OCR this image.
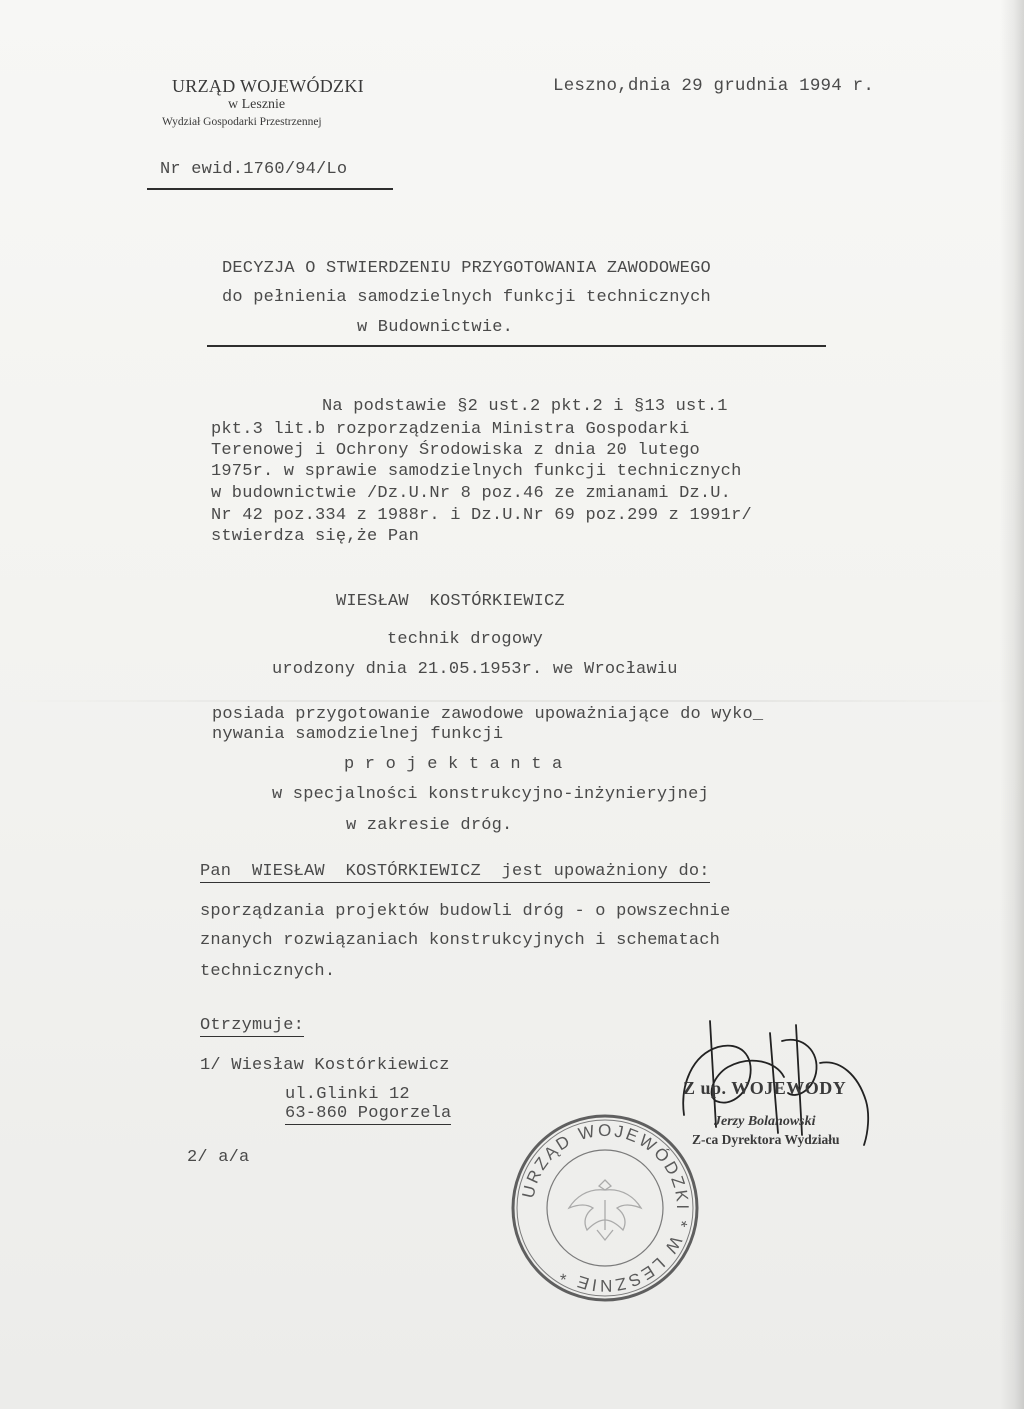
URZĄD WOJEWÓDZKI
w Lesznie
Wydział Gospodarki Przestrzennej
Leszno,dnia 29 grudnia 1994 r.
Nr ewid.1760/94/Lo
DECYZJA O STWIERDZENIU PRZYGOTOWANIA ZAWODOWEGO
do pełnienia samodzielnych funkcji technicznych
w Budownictwie.
Na podstawie §2 ust.2 pkt.2 i §13 ust.1
pkt.3 lit.b rozporządzenia Ministra Gospodarki
Terenowej i Ochrony Środowiska z dnia 20 lutego
1975r. w sprawie samodzielnych funkcji technicznych
w budownictwie /Dz.U.Nr 8 poz.46 ze zmianami Dz.U.
Nr 42 poz.334 z 1988r. i Dz.U.Nr 69 poz.299 z 1991r/
stwierdza się,że Pan
WIESŁAW  KOSTÓRKIEWICZ
technik drogowy
urodzony dnia 21.05.1953r. we Wrocławiu
posiada przygotowanie zawodowe upoważniające do wyko_
nywania samodzielnej funkcji
p r o j e k t a n t a
w specjalności konstrukcyjno-inżynieryjnej
w zakresie dróg.
Pan  WIESŁAW  KOSTÓRKIEWICZ  jest upoważniony do:
sporządzania projektów budowli dróg - o powszechnie
znanych rozwiązaniach konstrukcyjnych i schematach
technicznych.
Otrzymuje:
1/ Wiesław Kostórkiewicz
ul.Glinki 12
63-860 Pogorzela
2/ a/a
URZĄD WOJEWÓDZKI * W LESZNIE *
Z up. WOJEWODY
Jerzy Bolanowski
Z-ca Dyrektora Wydziału
